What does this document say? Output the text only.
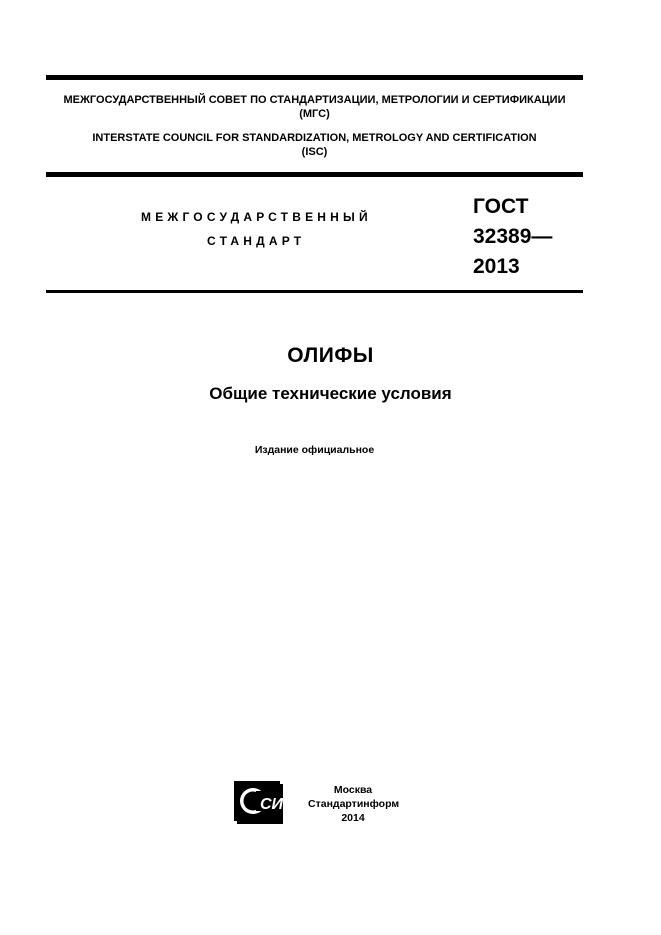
МЕЖГОСУДАРСТВЕННЫЙ СОВЕТ ПО СТАНДАРТИЗАЦИИ, МЕТРОЛОГИИ И СЕРТИФИКАЦИИ
(МГС)
INTERSTATE COUNCIL FOR STANDARDIZATION, METROLOGY AND CERTIFICATION
(ISC)
МЕЖГОСУДАРСТВЕННЫЙ
СТАНДАРТ
ГОСТ
32389—
2013
ОЛИФЫ
Общие технические условия
Издание официальное
СИ
Москва
Стандартинформ
2014
